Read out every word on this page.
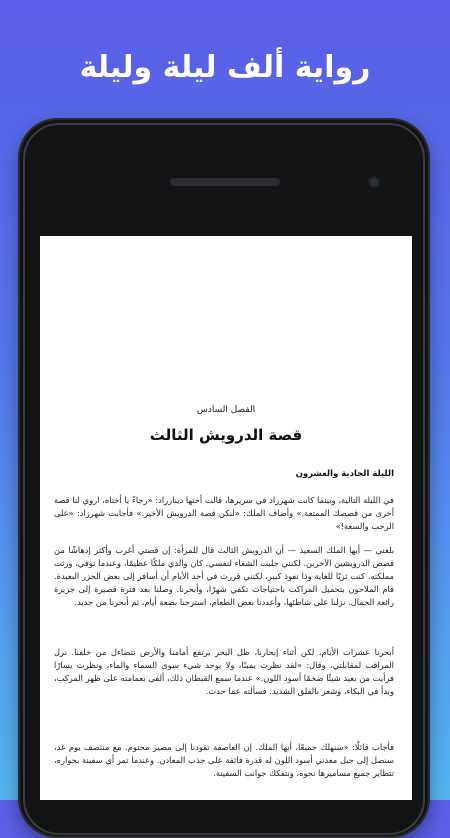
رواية ألف ليلة وليلة
الفصل السادس
قصة الدرويش الثالث
الليلة الحادية والعشرون
في الليلة التالية، وبينما كانت شهرزاد في سريرها، قالت أختها دينارزاد: «رجاءً يا أختاه، اروي لنا قصة أخرى من قصصك الممتعة.» وأضاف الملك: «لنكن قصة الدرويش الأخير.» فأجابت شهرزاد: «على الرحب والسعة!»
بلغني — أيها الملك السعيد — أن الدرويش الثالث قال للمرأة: إن قصتي أغرب وأكثر إدهاشًا من قصص الدرويشين الآخرين. لكنني جلبت الشقاء لنفسي. كان والدي ملكًا عظيمًا، وعندما توفي، ورثت مملكته. كنت ثريًا للغاية وذا نفوذ كبير، لكنني قررت في أحد الأيام أن أسافر إلى بعض الجزر البعيدة. قام الملاحون بتحميل المراكب باحتياجات تكفي شهرًا، وأبحرنا. وصلنا بعد فترة قصيرة إلى جزيرة رائعة الجمال. نزلنا على شاطئها، وأعددنا بعض الطعام، استرحنا بضعة أيام، ثم أبحرنا من جديد.
أبحرنا عشرات الأيام، لكن أثناء إبحارنا، ظل البحر يرتفع أمامنا والأرض تتضاءل من خلفنا. نزل المراقب لمقابلتي، وقال: «لقد نظرت يمينًا، ولا يوجد شيء سوى السماء والماء، ونظرت يسارًا فرأيت من بعيد شيئًا ضخمًا أسود اللون.» عندما سمع القبطان ذلك، ألقى بعمامته على ظهر المركب، وبدأ في البكاء، وشعر بالقلق الشديد. فسألته عما حدث.
فأجاب قائلًا: «سنهلك جميعًا، أيها الملك. إن العاصفة تقودنا إلى مصير محتوم. مع منتصف يوم غد، سنصل إلى جبل معدني أسود اللون له قدرة فائقة على جذب المعادن. وعندما تمر أي سفينة بجواره، تتطاير جميع مساميرها نحوه، وتتفكك جوانب السفينة.
